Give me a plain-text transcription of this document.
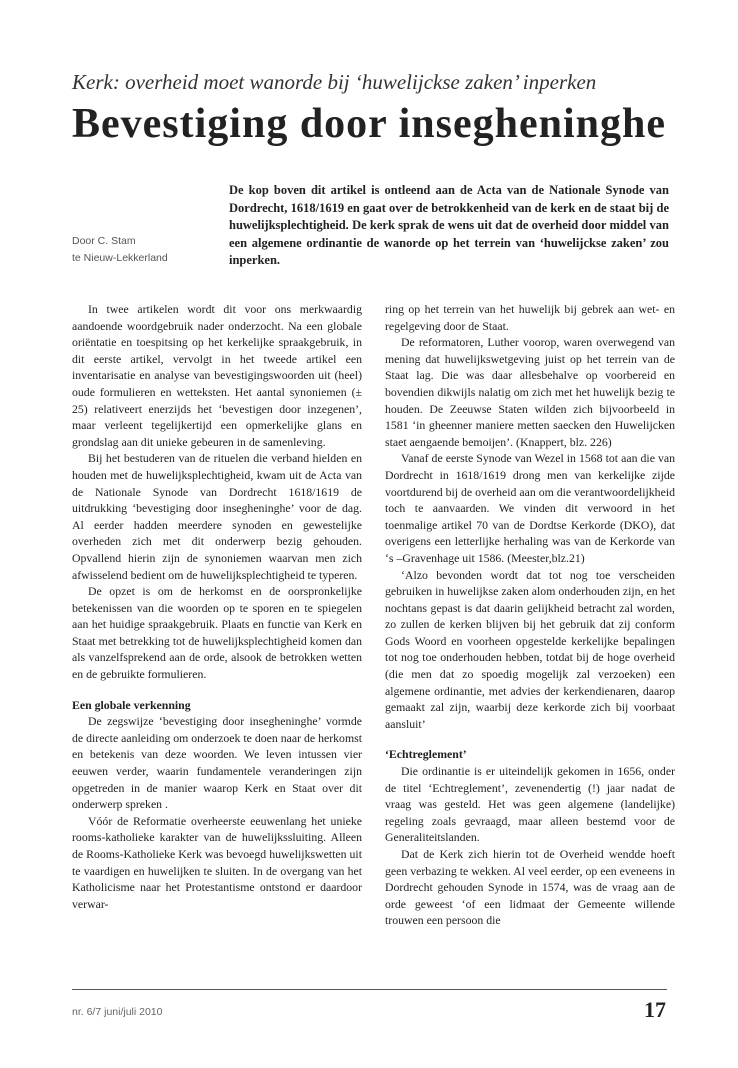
Kerk: overheid moet wanorde bij ‘huwelijckse zaken’ inperken
Bevestiging door insegheninghe
Door C. Stam
te Nieuw-Lekkerland
De kop boven dit artikel is ontleend aan de Acta van de Nationale Synode van Dordrecht, 1618/1619 en gaat over de betrokkenheid van de kerk en de staat bij de huwelijksplechtigheid. De kerk sprak de wens uit dat de overheid door middel van een algemene ordinantie de wanorde op het terrein van ‘huwelijckse zaken’ zou inperken.

In twee artikelen wordt dit voor ons merkwaardig aandoende woordgebruik nader onderzocht. Na een globale oriëntatie en toespitsing op het kerkelijke spraakgebruik, in dit eerste artikel, vervolgt in het tweede artikel een inventarisatie en analyse van bevestigingswoorden uit (heel) oude formulieren en wetteksten. Het aantal synoniemen (± 25) relativeert enerzijds het ‘bevestigen door inzegenen’, maar verleent tegelijkertijd een opmerkelijke glans en grondslag aan dit unieke gebeuren in de samenleving.

Bij het bestuderen van de rituelen die verband hielden en houden met de huwelijksplechtigheid, kwam uit de Acta van de Nationale Synode van Dordrecht 1618/1619 de uitdrukking ‘bevestiging door insegheninghe’ voor de dag. Al eerder hadden meerdere synoden en gewestelijke overheden zich met dit onderwerp bezig gehouden. Opvallend hierin zijn de synoniemen waarvan men zich afwisselend bedient om de huwelijksplechtigheid te typeren.

De opzet is om de herkomst en de oorspronkelijke betekenissen van die woorden op te sporen en te spiegelen aan het huidige spraakgebruik. Plaats en functie van Kerk en Staat met betrekking tot de huwelijksplechtigheid komen dan als vanzelfsprekend aan de orde, alsook de betrokken wetten en de gebruikte formulieren.

Een globale verkenning

De zegswijze ‘bevestiging door insegheninghe’ vormde de directe aanleiding om onderzoek te doen naar de herkomst en betekenis van deze woorden. We leven intussen vier eeuwen verder, waarin fundamentele veranderingen zijn opgetreden in de manier waarop Kerk en Staat over dit onderwerp spreken .

Vóór de Reformatie overheerste eeuwenlang het unieke rooms-katholieke karakter van de huwelijkssluiting. Alleen de Rooms-Katholieke Kerk was bevoegd huwelijkswetten uit te vaardigen en huwelijken te sluiten. In de overgang van het Katholicisme naar het Protestantisme ontstond er daardoor verwar-

ring op het terrein van het huwelijk bij gebrek aan wet- en regelgeving door de Staat.

De reformatoren, Luther voorop, waren overwegend van mening dat huwelijkswetgeving juist op het terrein van de Staat lag. Die was daar allesbehalve op voorbereid en bovendien dikwijls nalatig om zich met het huwelijk bezig te houden. De Zeeuwse Staten wilden zich bijvoorbeeld in 1581 ‘in gheenner maniere metten saecken den Huwelijcken staet aengaende bemoijen’. (Knappert, blz. 226)

Vanaf de eerste Synode van Wezel in 1568 tot aan die van Dordrecht in 1618/1619 drong men van kerkelijke zijde voortdurend bij de overheid aan om die verantwoordelijkheid toch te aanvaarden. We vinden dit verwoord in het toenmalige artikel 70 van de Dordtse Kerkorde (DKO), dat overigens een letterlijke herhaling was van de Kerkorde van ‘s –Gravenhage uit 1586. (Meester,blz.21)

‘Alzo bevonden wordt dat tot nog toe verscheiden gebruiken in huwelijkse zaken alom onderhouden zijn, en het nochtans gepast is dat daarin gelijkheid betracht zal worden, zo zullen de kerken blijven bij het gebruik dat zij conform Gods Woord en voorheen opgestelde kerkelijke bepalingen tot nog toe onderhouden hebben, totdat bij de hoge overheid (die men dat zo spoedig mogelijk zal verzoeken) een algemene ordinantie, met advies der kerkendienaren, daarop gemaakt zal zijn, waarbij deze kerkorde zich bij voorbaat aansluit’

‘Echtreglement’

Die ordinantie is er uiteindelijk gekomen in 1656, onder de titel ‘Echtreglement’, zevenendertig (!) jaar nadat de vraag was gesteld. Het was geen algemene (landelijke) regeling zoals gevraagd, maar alleen bestemd voor de Generaliteitslanden.

Dat de Kerk zich hierin tot de Overheid wendde hoeft geen verbazing te wekken. Al veel eerder, op een eveneens in Dordrecht gehouden Synode in 1574, was de vraag aan de orde geweest ‘of een lidmaat der Gemeente willende trouwen een persoon die

nr. 6/7 juni/juli 2010	17
